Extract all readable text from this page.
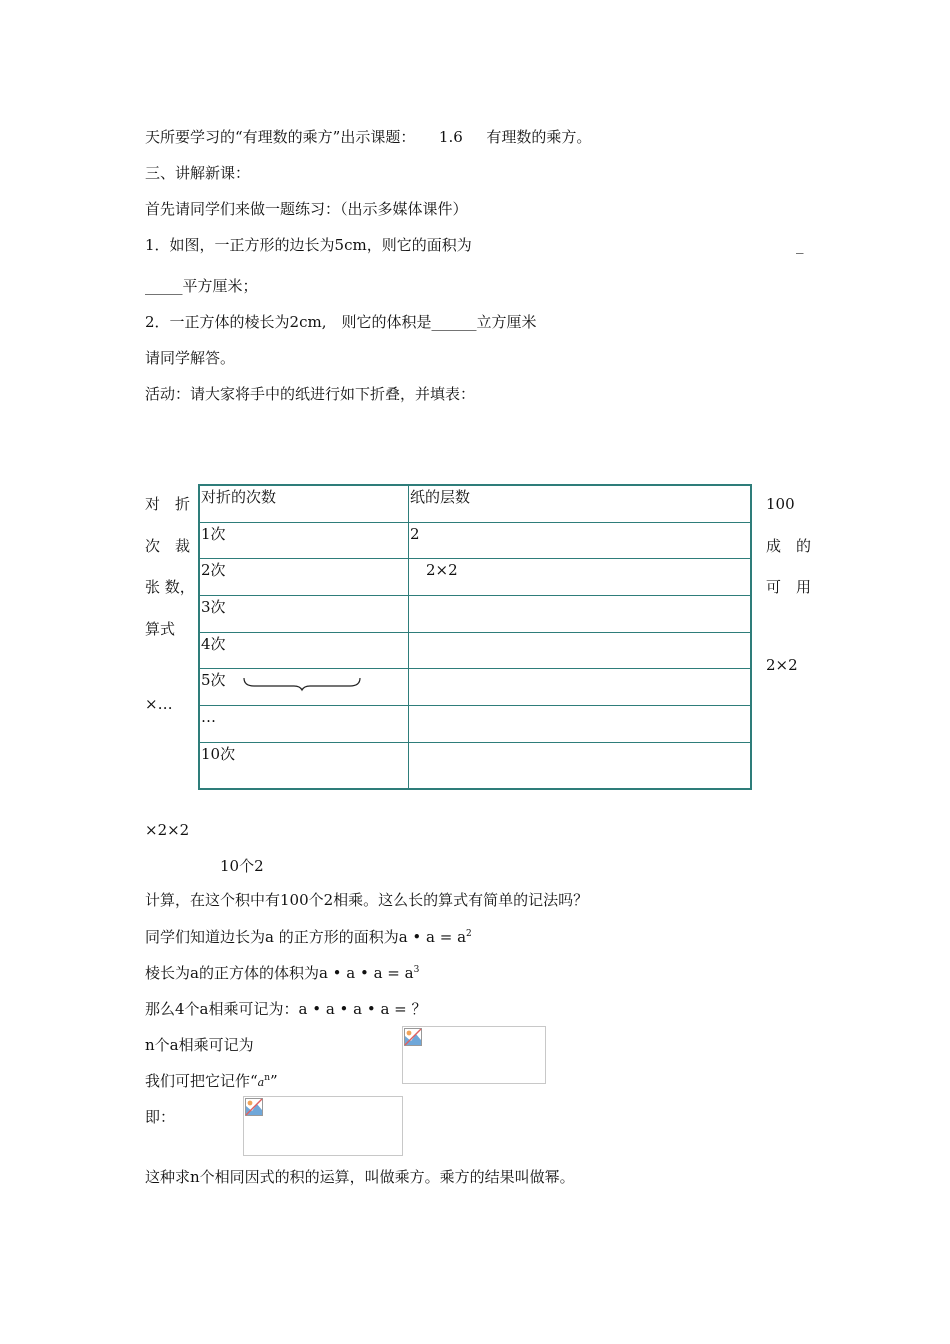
天所要学习的“有理数的乘方”出示课题： 1.6 有理数的乘方。
三、讲解新课：
首先请同学们来做一题练习：（出示多媒体课件）
1．如图，一正方形的边长为5cm，则它的面积为	_
_____平方厘米；
2．一正方体的棱长为2cm,　则它的体积是______立方厘米
请同学解答。
活动：请大家将手中的纸进行如下折叠，并填表：
对　折
次　裁
张 数，
算式
×…
100
成　的
可　用
2×2
对折的次数	纸的层数
1次	2
2次	2×2
3次
4次
5次
…
10次
×2×2
10个2
计算，在这个积中有100个2相乘。这么长的算式有简单的记法吗？
同学们知道边长为a 的正方形的面积为a • $a = a^2$
棱长为a的正方体的体积为a • a • $a = a^3$
那么4个a相乘可记为：a • a • a • a = ？
n个a相乘可记为
我们可把它记作“$a^n$”
即：
这种求n个相同因式的积的运算，叫做乘方。乘方的结果叫做幂。
